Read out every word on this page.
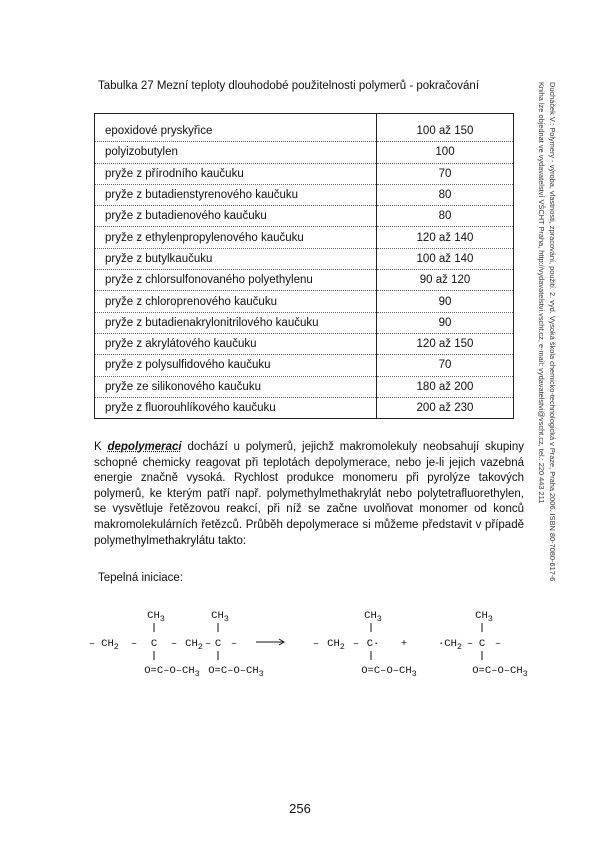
Tabulka 27 Mezní teploty dlouhodobé použitelnosti polymerů - pokračování

epoxidové pryskyřice	100 až 150
polyizobutylen	100
pryže z přírodního kaučuku	70
pryže z butadienstyrenového kaučuku	80
pryže z butadienového kaučuku	80
pryže z ethylenpropylenového kaučuku	120 až 140
pryže z butylkaučuku	100 až 140
pryže z chlorsulfonovaného polyethylenu	90 až 120
pryže z chloroprenového kaučuku	90
pryže z butadienakrylonitrilového kaučuku	90
pryže z akrylátového kaučuku	120 až 150
pryže z polysulfidového kaučuku	70
pryže ze silikonového kaučuku	180 až 200
pryže z fluorouhlíkového kaučuku	200 až 230

K depolymeraci dochází u polymerů, jejichž makromolekuly neobsahují skupiny schopné chemicky reagovat při teplotách depolymerace, nebo je-li jejich vazebná energie značně vysoká. Rychlost produkce monomeru při pyrolýze takových polymerů, ke kterým patří např. polymethylmethakrylát nebo polytetrafluorethylen, se vysvětluje řetězovou reakcí, při níž se začne uvolňovat monomer od konců makromolekulárních řetězců. Průběh depolymerace si můžeme představit v případě polymethylmethakrylátu takto:

Tepelná iniciace:

$CH_3$	$CH_3$	$CH_3$	$CH_3$
– $CH_2$ – C – $CH_2$ – C –	– $CH_2 - C\cdot$ +	$\cdot CH_2 - C$ –
$O=C-O-CH_3$ $O=C-O-CH_3$	$O=C-O-CH_3$	$O=C-O-CH_3$
256
Ducháček V.: Polymery - výroba, vlastnosti, zpracování, použití. 2. vyd. Vysoká škola chemicko-technologická v Praze, Praha 2006. ISBN 80-7080-617-6
Kniha lze objednat ve vydavatelství VŠCHT Praha, http://vydavatelstvi.vscht.cz, e-mail: vydavatelstvi@vscht.cz, tel.: 220 443 211
